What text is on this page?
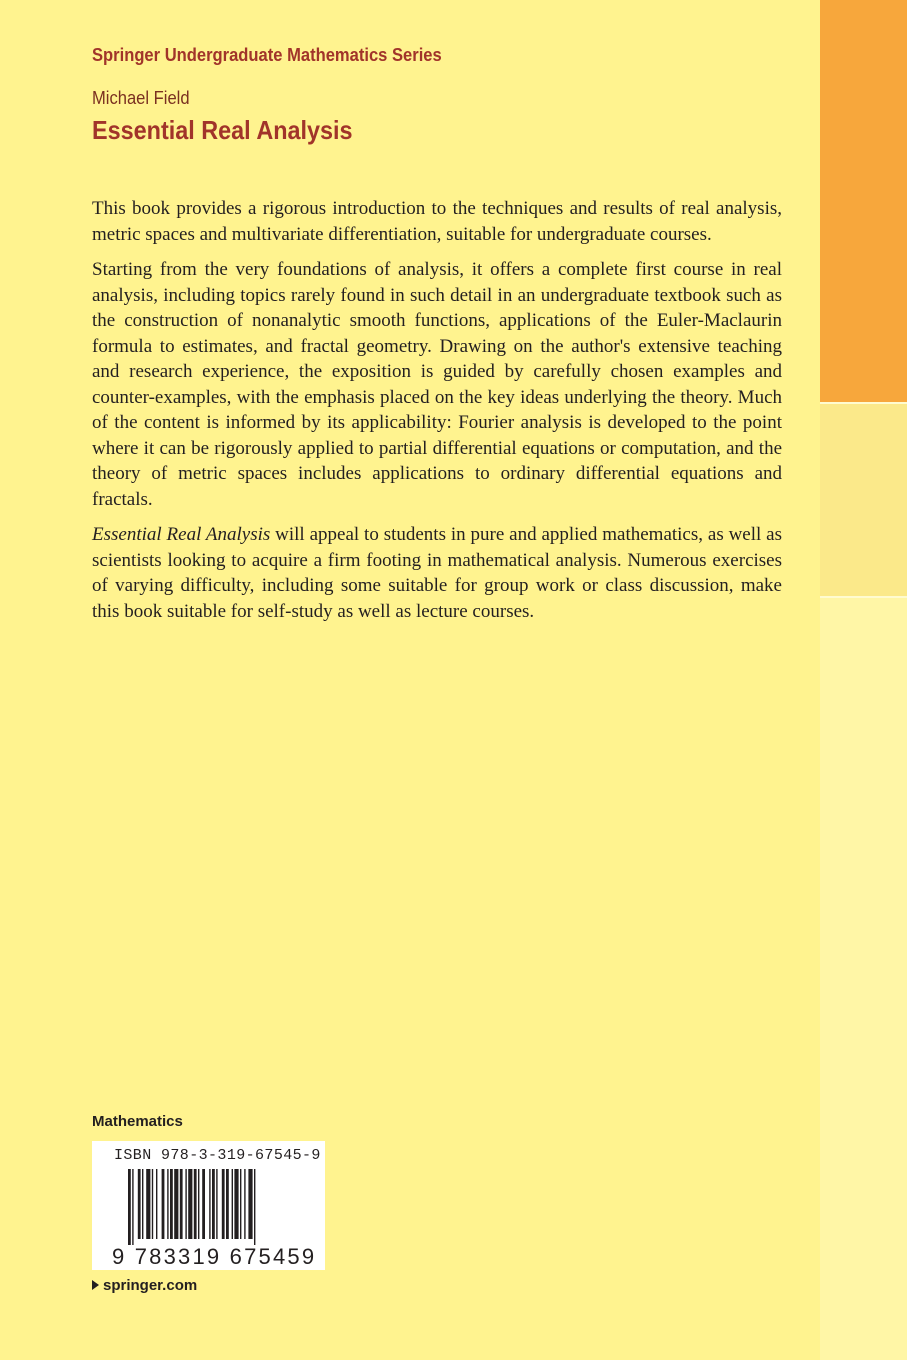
Springer Undergraduate Mathematics Series
Michael Field
Essential Real Analysis

This book provides a rigorous introduction to the techniques and results of real analysis, metric spaces and multivariate differentiation, suitable for undergraduate courses.

Starting from the very foundations of analysis, it offers a complete first course in real analysis, including topics rarely found in such detail in an undergraduate textbook such as the construction of nonanalytic smooth functions, applications of the Euler-Maclaurin formula to estimates, and fractal geometry. Drawing on the author's extensive teaching and research experience, the exposition is guided by carefully chosen examples and counter-examples, with the emphasis placed on the key ideas underlying the theory. Much of the content is informed by its applicability: Fourier analysis is developed to the point where it can be rigorously applied to partial differential equations or computation, and the theory of metric spaces includes applications to ordinary differential equations and fractals.

Essential Real Analysis will appeal to students in pure and applied mathematics, as well as scientists looking to acquire a firm footing in mathematical analysis. Numerous exercises of varying difficulty, including some suitable for group work or class discussion, make this book suitable for self-study as well as lecture courses.

Mathematics
ISBN 978-3-319-67545-9
9 783319 675459
springer.com
